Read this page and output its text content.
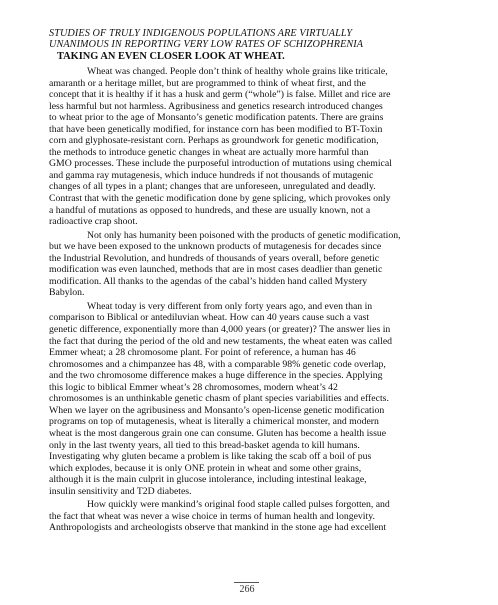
STUDIES OF TRULY INDIGENOUS POPULATIONS ARE VIRTUALLY
UNANIMOUS IN REPORTING VERY LOW RATES OF SCHIZOPHRENIA
TAKING AN EVEN CLOSER LOOK AT WHEAT.
Wheat was changed. People don’t think of healthy whole grains like triticale,
amaranth or a heritage millet, but are programmed to think of wheat first, and the
concept that it is healthy if it has a husk and germ (“whole”) is false. Millet and rice are
less harmful but not harmless. Agribusiness and genetics research introduced changes
to wheat prior to the age of Monsanto’s genetic modification patents. There are grains
that have been genetically modified, for instance corn has been modified to BT-Toxin
corn and glyphosate-resistant corn. Perhaps as groundwork for genetic modification,
the methods to introduce genetic changes in wheat are actually more harmful than
GMO processes. These include the purposeful introduction of mutations using chemical
and gamma ray mutagenesis, which induce hundreds if not thousands of mutagenic
changes of all types in a plant; changes that are unforeseen, unregulated and deadly.
Contrast that with the genetic modification done by gene splicing, which provokes only
a handful of mutations as opposed to hundreds, and these are usually known, not a
radioactive crap shoot.
Not only has humanity been poisoned with the products of genetic modification,
but we have been exposed to the unknown products of mutagenesis for decades since
the Industrial Revolution, and hundreds of thousands of years overall, before genetic
modification was even launched, methods that are in most cases deadlier than genetic
modification. All thanks to the agendas of the cabal’s hidden hand called Mystery
Babylon.
Wheat today is very different from only forty years ago, and even than in
comparison to Biblical or antediluvian wheat. How can 40 years cause such a vast
genetic difference, exponentially more than 4,000 years (or greater)? The answer lies in
the fact that during the period of the old and new testaments, the wheat eaten was called
Emmer wheat; a 28 chromosome plant. For point of reference, a human has 46
chromosomes and a chimpanzee has 48, with a comparable 98% genetic code overlap,
and the two chromosome difference makes a huge difference in the species. Applying
this logic to biblical Emmer wheat’s 28 chromosomes, modern wheat’s 42
chromosomes is an unthinkable genetic chasm of plant species variabilities and effects.
When we layer on the agribusiness and Monsanto’s open-license genetic modification
programs on top of mutagenesis, wheat is literally a chimerical monster, and modern
wheat is the most dangerous grain one can consume. Gluten has become a health issue
only in the last twenty years, all tied to this bread-basket agenda to kill humans.
Investigating why gluten became a problem is like taking the scab off a boil of pus
which explodes, because it is only ONE protein in wheat and some other grains,
although it is the main culprit in glucose intolerance, including intestinal leakage,
insulin sensitivity and T2D diabetes.
How quickly were mankind’s original food staple called pulses forgotten, and
the fact that wheat was never a wise choice in terms of human health and longevity.
Anthropologists and archeologists observe that mankind in the stone age had excellent
266
